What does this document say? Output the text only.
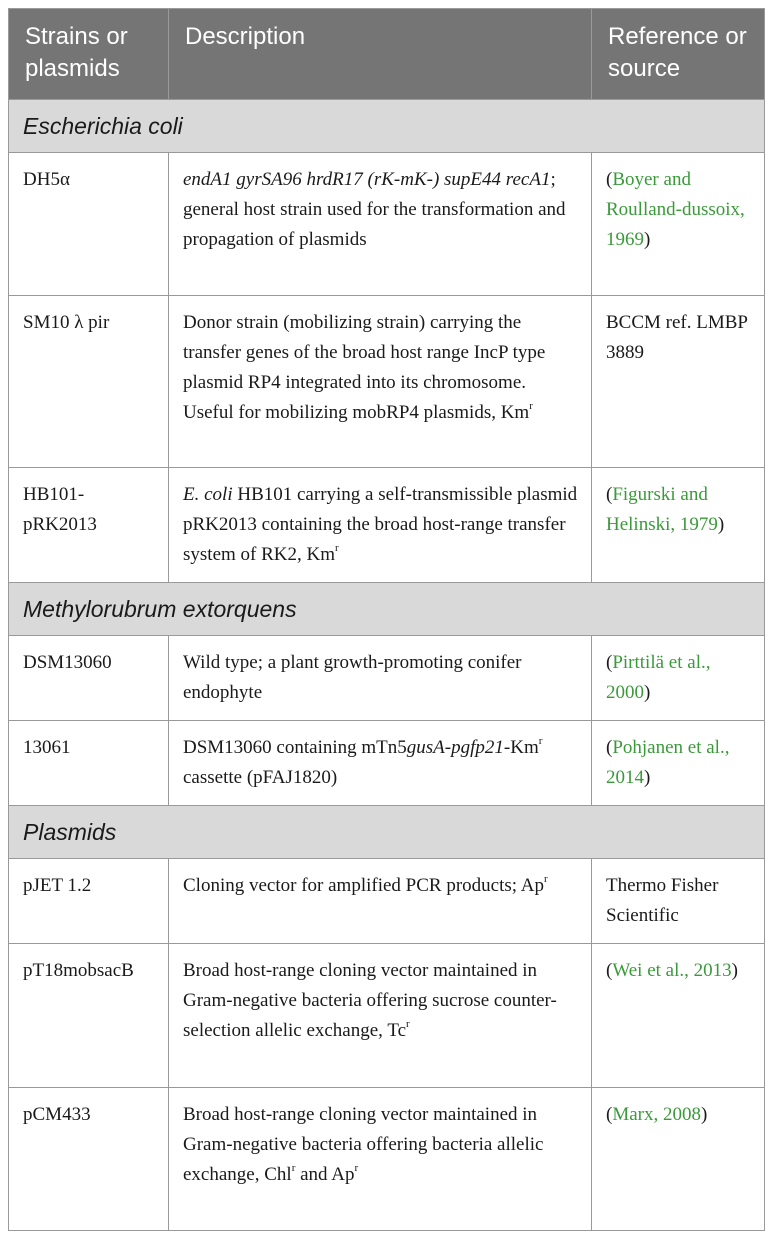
Strains or plasmids	Description	Reference or source
Escherichia coli		
DH5α	endA1 gyrSA96 hrdR17 (rK-mK-) supE44 recA1; general host strain used for the transformation and propagation of plasmids	(Boyer and Roulland-dussoix, 1969)
SM10 λ pir	Donor strain (mobilizing strain) carrying the transfer genes of the broad host range IncP type plasmid RP4 integrated into its chromosome. Useful for mobilizing mobRP4 plasmids, Km$^r$	BCCM ref. LMBP 3889
HB101-pRK2013	E. coli HB101 carrying a self-transmissible plasmid pRK2013 containing the broad host-range transfer system of RK2, Km$^r$	(Figurski and Helinski, 1979)
Methylorubrum extorquens		
DSM13060	Wild type; a plant growth-promoting conifer endophyte	(Pirttilä et al., 2000)
13061	DSM13060 containing mTn5gusA-pgfp21-Km$^r$ cassette (pFAJ1820)	(Pohjanen et al., 2014)
Plasmids		
pJET 1.2	Cloning vector for amplified PCR products; Ap$^r$	Thermo Fisher Scientific
pT18mobsacB	Broad host-range cloning vector maintained in Gram-negative bacteria offering sucrose counter-selection allelic exchange, Tc$^r$	(Wei et al., 2013)
pCM433	Broad host-range cloning vector maintained in Gram-negative bacteria offering bacteria allelic exchange, Chl$^r$ and Ap$^r$	(Marx, 2008)
